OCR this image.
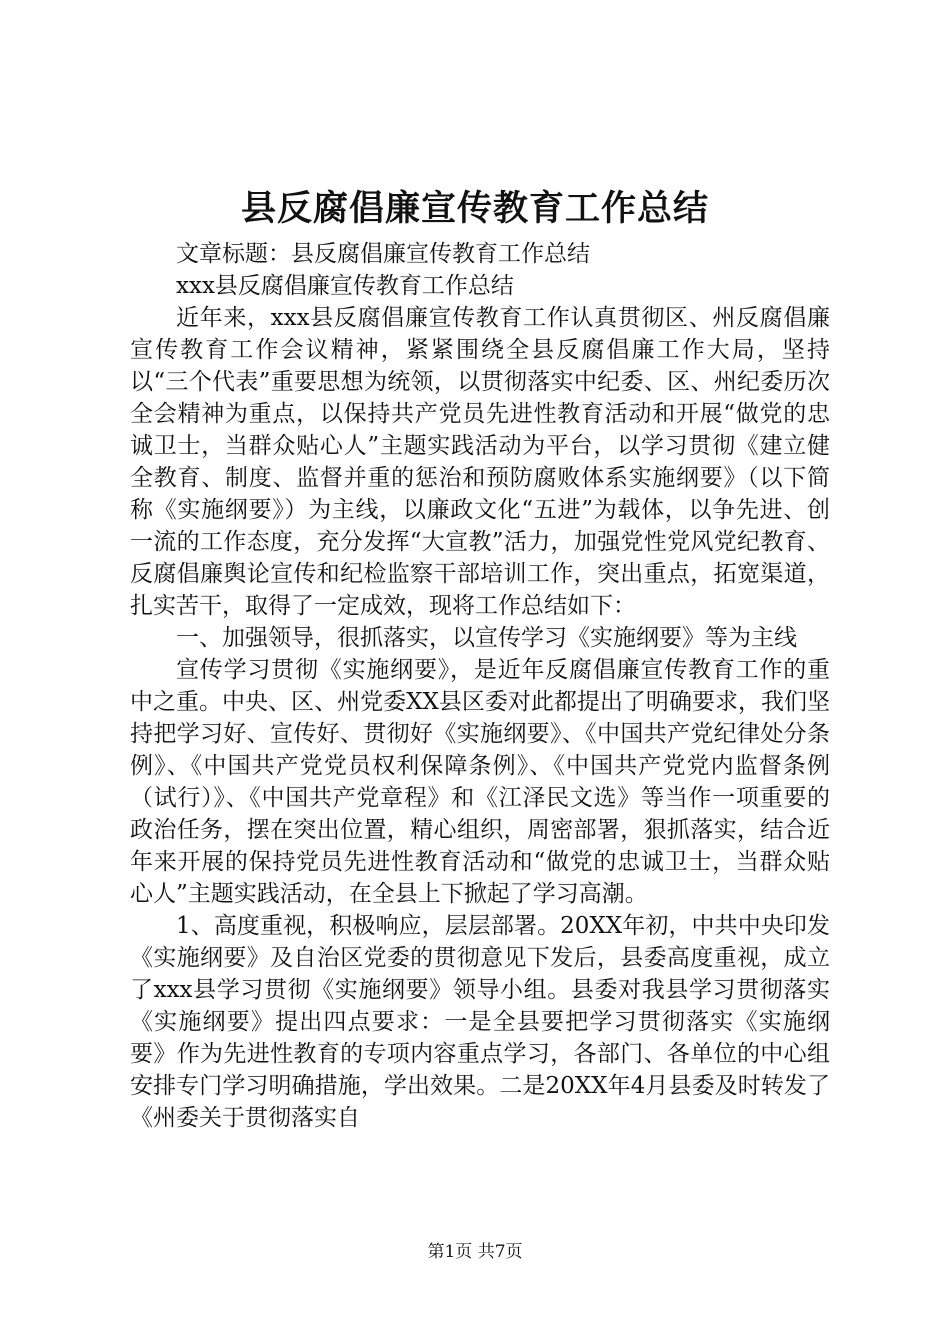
县反腐倡廉宣传教育工作总结

文章标题：县反腐倡廉宣传教育工作总结

xxx县反腐倡廉宣传教育工作总结

近年来，xxx县反腐倡廉宣传教育工作认真贯彻区、州反腐倡廉宣传教育工作会议精神，紧紧围绕全县反腐倡廉工作大局，坚持以“三个代表”重要思想为统领，以贯彻落实中纪委、区、州纪委历次全会精神为重点，以保持共产党员先进性教育活动和开展“做党的忠诚卫士，当群众贴心人”主题实践活动为平台，以学习贯彻《建立健全教育、制度、监督并重的惩治和预防腐败体系实施纲要》（以下简称《实施纲要》）为主线，以廉政文化“五进”为载体，以争先进、创一流的工作态度，充分发挥“大宣教”活力，加强党性党风党纪教育、反腐倡廉舆论宣传和纪检监察干部培训工作，突出重点，拓宽渠道，扎实苦干，取得了一定成效，现将工作总结如下：

一、加强领导，很抓落实，以宣传学习《实施纲要》等为主线

宣传学习贯彻《实施纲要》，是近年反腐倡廉宣传教育工作的重中之重。中央、区、州党委XX县区委对此都提出了明确要求，我们坚持把学习好、宣传好、贯彻好《实施纲要》、《中国共产党纪律处分条例》、《中国共产党党员权利保障条例》、《中国共产党党内监督条例（试行）》、《中国共产党章程》和《江泽民文选》等当作一项重要的政治任务，摆在突出位置，精心组织，周密部署，狠抓落实，结合近年来开展的保持党员先进性教育活动和“做党的忠诚卫士，当群众贴心人”主题实践活动，在全县上下掀起了学习高潮。

1、高度重视，积极响应，层层部署。20XX年初，中共中央印发《实施纲要》及自治区党委的贯彻意见下发后，县委高度重视，成立了xxx县学习贯彻《实施纲要》领导小组。县委对我县学习贯彻落实《实施纲要》提出四点要求：一是全县要把学习贯彻落实《实施纲要》作为先进性教育的专项内容重点学习，各部门、各单位的中心组安排专门学习明确措施，学出效果。二是20XX年4月县委及时转发了《州委关于贯彻落实自

第1页 共7页
